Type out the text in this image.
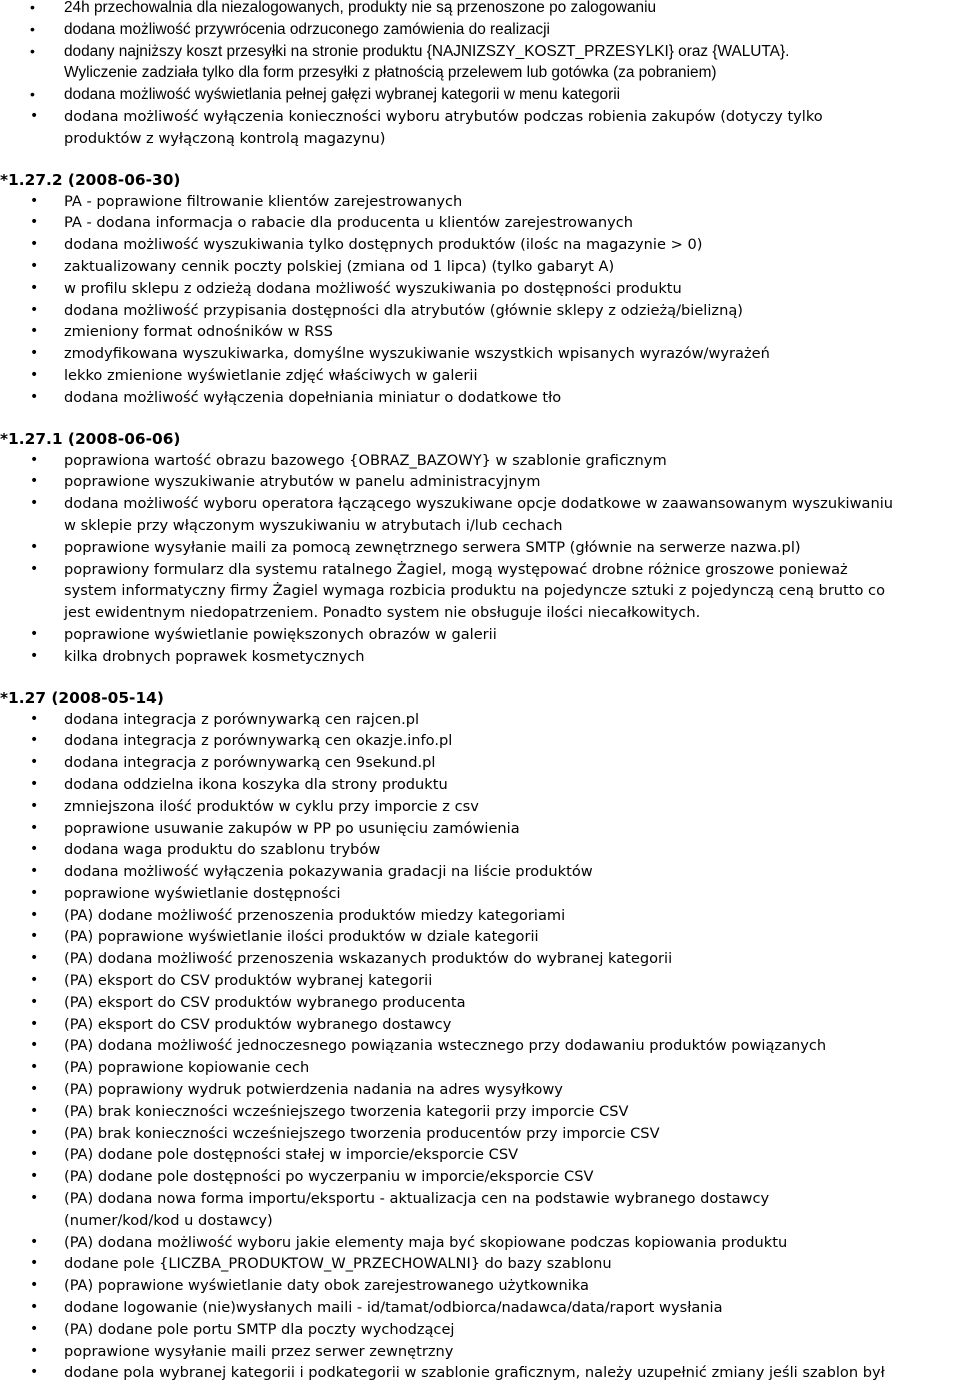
• 24h przechowalnia dla niezalogowanych, produkty nie są przenoszone po zalogowaniu
• dodana możliwość przywrócenia odrzuconego zamówienia do realizacji
• dodany najniższy koszt przesyłki na stronie produktu {NAJNIZSZY_KOSZT_PRZESYLKI} oraz {WALUTA}.
Wyliczenie zadziała tylko dla form przesyłki z płatnością przelewem lub gotówka (za pobraniem)
• dodana możliwość wyświetlania pełnej gałęzi wybranej kategorii w menu kategorii
• dodana możliwość wyłączenia konieczności wyboru atrybutów podczas robienia zakupów (dotyczy tylko
produktów z wyłączoną kontrolą magazynu)
*1.27.2 (2008-06-30)
• PA - poprawione filtrowanie klientów zarejestrowanych
• PA - dodana informacja o rabacie dla producenta u klientów zarejestrowanych
• dodana możliwość wyszukiwania tylko dostępnych produktów (ilośc na magazynie > 0)
• zaktualizowany cennik poczty polskiej (zmiana od 1 lipca) (tylko gabaryt A)
• w profilu sklepu z odzieżą dodana możliwość wyszukiwania po dostępności produktu
• dodana możliwość przypisania dostępności dla atrybutów (głównie sklepy z odzieżą/bielizną)
• zmieniony format odnośników w RSS
• zmodyfikowana wyszukiwarka, domyślne wyszukiwanie wszystkich wpisanych wyrazów/wyrażeń
• lekko zmienione wyświetlanie zdjęć właściwych w galerii
• dodana możliwość wyłączenia dopełniania miniatur o dodatkowe tło
*1.27.1 (2008-06-06)
• poprawiona wartość obrazu bazowego {OBRAZ_BAZOWY} w szablonie graficznym
• poprawione wyszukiwanie atrybutów w panelu administracyjnym
• dodana możliwość wyboru operatora łączącego wyszukiwane opcje dodatkowe w zaawansowanym wyszukiwaniu
w sklepie przy włączonym wyszukiwaniu w atrybutach i/lub cechach
• poprawione wysyłanie maili za pomocą zewnętrznego serwera SMTP (głównie na serwerze nazwa.pl)
• poprawiony formularz dla systemu ratalnego Żagiel, mogą występować drobne różnice groszowe ponieważ
system informatyczny firmy Żagiel wymaga rozbicia produktu na pojedyncze sztuki z pojedynczą ceną brutto co
jest ewidentnym niedopatrzeniem. Ponadto system nie obsługuje ilości niecałkowitych.
• poprawione wyświetlanie powiększonych obrazów w galerii
• kilka drobnych poprawek kosmetycznych
*1.27 (2008-05-14)
• dodana integracja z porównywarką cen rajcen.pl
• dodana integracja z porównywarką cen okazje.info.pl
• dodana integracja z porównywarką cen 9sekund.pl
• dodana oddzielna ikona koszyka dla strony produktu
• zmniejszona ilość produktów w cyklu przy imporcie z csv
• poprawione usuwanie zakupów w PP po usunięciu zamówienia
• dodana waga produktu do szablonu trybów
• dodana możliwość wyłączenia pokazywania gradacji na liście produktów
• poprawione wyświetlanie dostępności
• (PA) dodane możliwość przenoszenia produktów miedzy kategoriami
• (PA) poprawione wyświetlanie ilości produktów w dziale kategorii
• (PA) dodana możliwość przenoszenia wskazanych produktów do wybranej kategorii
• (PA) eksport do CSV produktów wybranej kategorii
• (PA) eksport do CSV produktów wybranego producenta
• (PA) eksport do CSV produktów wybranego dostawcy
• (PA) dodana możliwość jednoczesnego powiązania wstecznego przy dodawaniu produktów powiązanych
• (PA) poprawione kopiowanie cech
• (PA) poprawiony wydruk potwierdzenia nadania na adres wysyłkowy
• (PA) brak konieczności wcześniejszego tworzenia kategorii przy imporcie CSV
• (PA) brak konieczności wcześniejszego tworzenia producentów przy imporcie CSV
• (PA) dodane pole dostępności stałej w imporcie/eksporcie CSV
• (PA) dodane pole dostępności po wyczerpaniu w imporcie/eksporcie CSV
• (PA) dodana nowa forma importu/eksportu - aktualizacja cen na podstawie wybranego dostawcy
(numer/kod/kod u dostawcy)
• (PA) dodana możliwość wyboru jakie elementy maja być skopiowane podczas kopiowania produktu
• dodane pole {LICZBA_PRODUKTOW_W_PRZECHOWALNI} do bazy szablonu
• (PA) poprawione wyświetlanie daty obok zarejestrowanego użytkownika
• dodane logowanie (nie)wysłanych maili - id/tamat/odbiorca/nadawca/data/raport wysłania
• (PA) dodane pole portu SMTP dla poczty wychodzącej
• poprawione wysyłanie maili przez serwer zewnętrzny
• dodane pola wybranej kategorii i podkategorii w szablonie graficznym, należy uzupełnić zmiany jeśli szablon był
